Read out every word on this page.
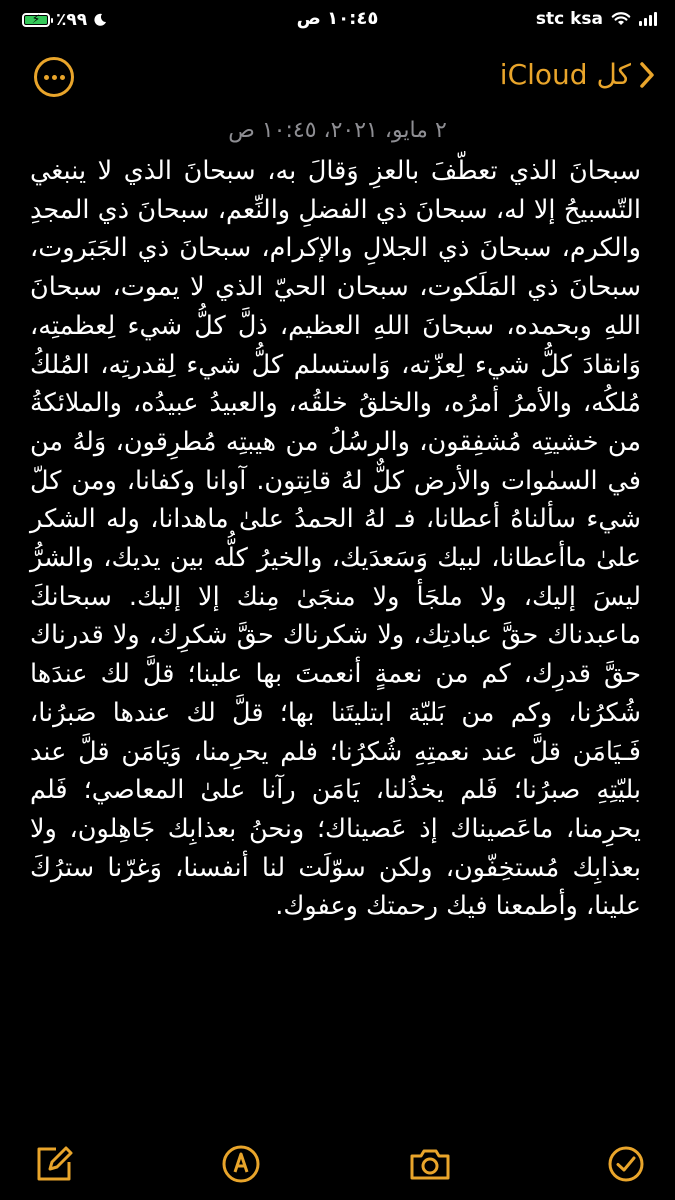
⚡ ٪٩٩	١٠:٤٥ ص	stc ksa
كل iCloud
٢ مايو، ٢٠٢١، ١٠:٤٥ ص
سبحانَ الذي تعطّفَ بالعزِ وَقالَ به، سبحانَ الذي لا ينبغي التّسبيحُ إلا له، سبحانَ ذي الفضلِ والنِّعم، سبحانَ ذي المجدِ والكرم، سبحانَ ذي الجلالِ والإكرام، سبحانَ ذي الجَبَروت، سبحانَ ذي المَلَكوت، سبحان الحيّ الذي لا يموت، سبحانَ اللهِ وبحمده، سبحانَ اللهِ العظيم، ذلَّ كلُّ شيء لِعظمتِه، وَانقادَ كلُّ شيء لِعزّته، وَاستسلم كلُّ شيء لِقدرتِه، المُلكُ مُلكُه، والأمرُ أمرُه، والخلقُ خلقُه، والعبيدُ عبيدُه، والملائكةُ من خشيتِه مُشفِقون، والرسُلُ من هيبتِه مُطرِقون، وَلهُ من في السمٰوات والأرض كلٌّ لهُ قانِتون. آوانا وكفانا، ومن كلّ شيء سألناهُ أعطانا، فـ لهُ الحمدُ علىٰ ماهدانا، وله الشكر علىٰ ماأعطانا، لبيك وَسَعدَيك، والخيرُ كلُّه بين يديك، والشرُّ ليسَ إليك، ولا ملجَأ ولا منجَىٰ مِنك إلا إليك. سبحانكَ ماعبدناك حقَّ عبادتِك، ولا شكرناك حقَّ شكرِك، ولا قدرناك حقَّ قدرِك، كم من نعمةٍ أنعمتَ بها علينا؛ قلَّ لك عندَها شُكرُنا، وكم من بَليّة ابتليتَنا بها؛ قلَّ لك عندها صَبرُنا، فَـيَامَن قلَّ عند نعمتِهِ شُكرُنا؛ فلم يحرِمنا، وَيَامَن قلَّ عند بليّتِهِ صبرُنا؛ فَلم يخذُلنا، يَامَن رآنا علىٰ المعاصي؛ فَلم يحرِمنا، ماعَصيناك إذ عَصيناك؛ ونحنُ بعذابِك جَاهِلون، ولا بعذابِك مُستخِفّون، ولكن سوّلَت لنا أنفسنا، وَغرّنا سترُكَ علينا، وأطمعنا فيك رحمتك وعفوك.
